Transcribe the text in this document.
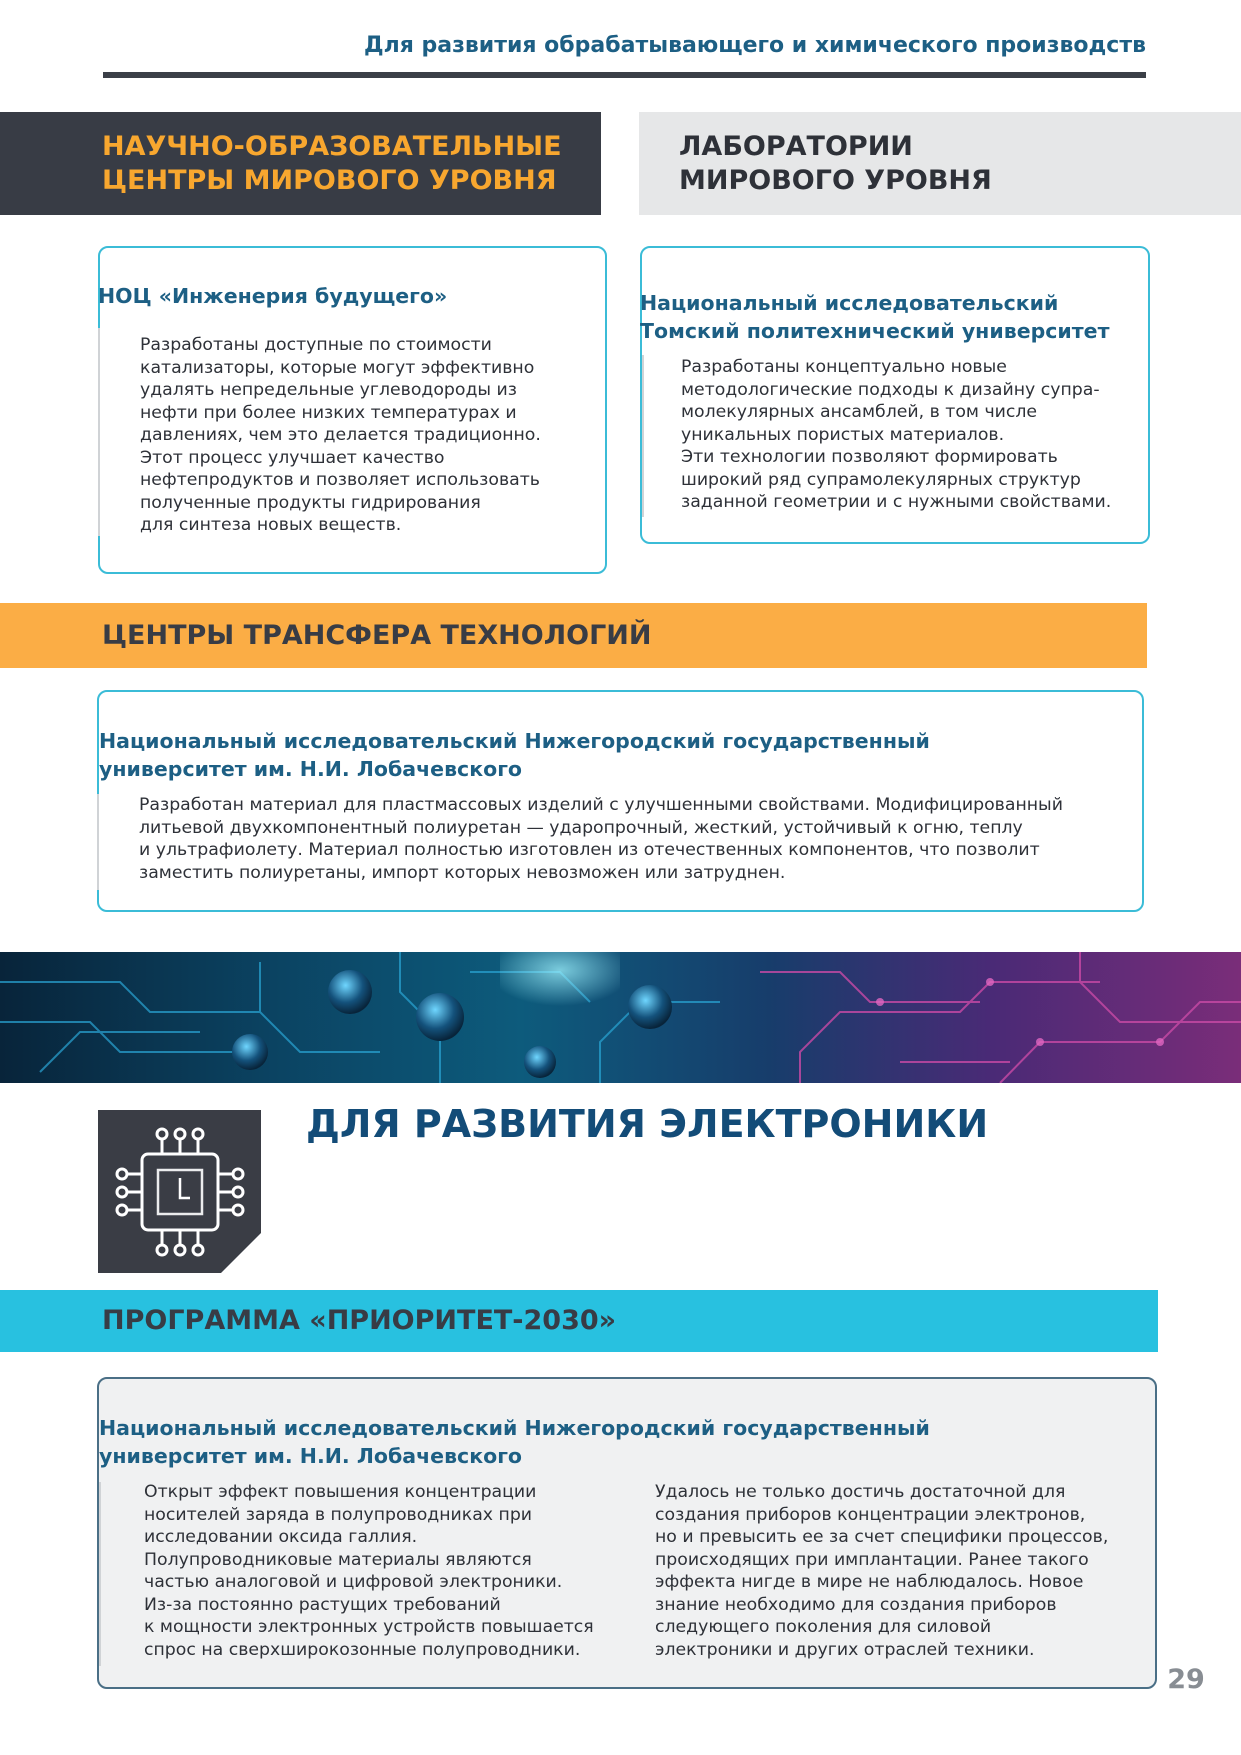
Для развития обрабатывающего и химического производств
НАУЧНО-ОБРАЗОВАТЕЛЬНЫЕ
ЦЕНТРЫ МИРОВОГО УРОВНЯ
ЛАБОРАТОРИИ
МИРОВОГО УРОВНЯ
НОЦ «Инженерия будущего»
Разработаны доступные по стоимости
катализаторы, которые могут эффективно
удалять непредельные углеводороды из
нефти при более низких температурах и
давлениях, чем это делается традиционно.
Этот процесс улучшает качество
нефтепродуктов и позволяет использовать
полученные продукты гидрирования
для синтеза новых веществ.
Национальный исследовательский
Томский политехнический университет
Разработаны концептуально новые
методологические подходы к дизайну супра-
молекулярных ансамблей, в том числе
уникальных пористых материалов.
Эти технологии позволяют формировать
широкий ряд супрамолекулярных структур
заданной геометрии и с нужными свойствами.
ЦЕНТРЫ ТРАНСФЕРА ТЕХНОЛОГИЙ
Национальный исследовательский Нижегородский государственный
университет им. Н.И. Лобачевского
Разработан материал для пластмассовых изделий с улучшенными свойствами. Модифицированный
литьевой двухкомпонентный полиуретан — ударопрочный, жесткий, устойчивый к огню, теплу
и ультрафиолету. Материал полностью изготовлен из отечественных компонентов, что позволит
заместить полиуретаны, импорт которых невозможен или затруднен.
ДЛЯ РАЗВИТИЯ ЭЛЕКТРОНИКИ
ПРОГРАММА «ПРИОРИТЕТ-2030»
Национальный исследовательский Нижегородский государственный
университет им. Н.И. Лобачевского
Открыт эффект повышения концентрации
носителей заряда в полупроводниках при
исследовании оксида галлия.
Полупроводниковые материалы являются
частью аналоговой и цифровой электроники.
Из-за постоянно растущих требований
к мощности электронных устройств повышается
спрос на сверхширокозонные полупроводники.
Удалось не только достичь достаточной для
создания приборов концентрации электронов,
но и превысить ее за счет специфики процессов,
происходящих при имплантации. Ранее такого
эффекта нигде в мире не наблюдалось. Новое
знание необходимо для создания приборов
следующего поколения для силовой
электроники и других отраслей техники.
29
